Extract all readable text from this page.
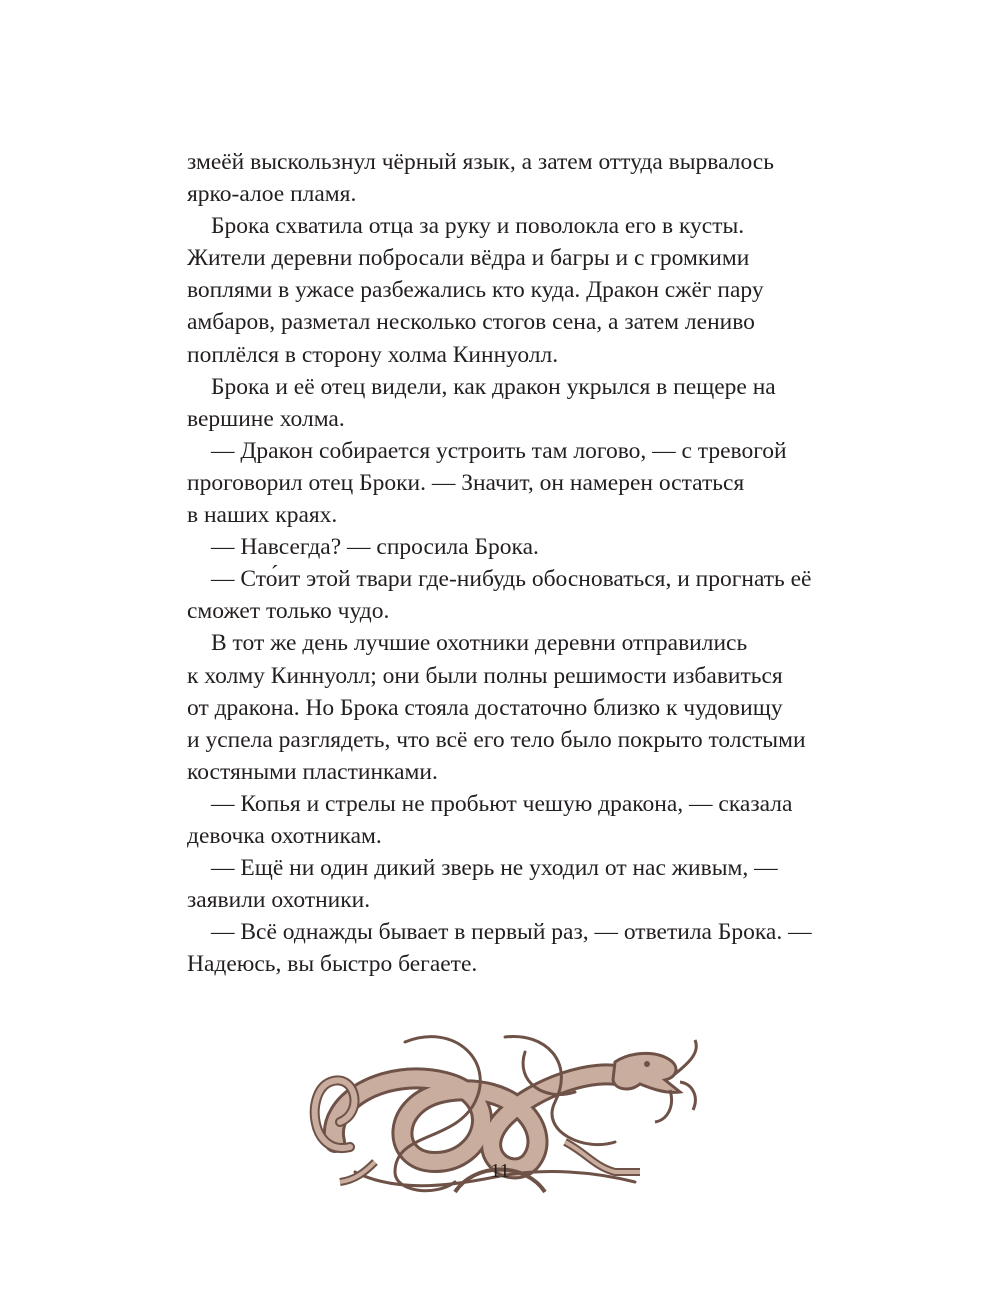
змеёй выскользнул чёрный язык, а затем оттуда вырвалось
ярко-алое пламя.
Брока схватила отца за руку и поволокла его в кусты.
Жители деревни побросали вёдра и багры и с громкими
воплями в ужасе разбежались кто куда. Дракон сжёг пару
амбаров, разметал несколько стогов сена, а затем лениво
поплёлся в сторону холма Киннуолл.
Брока и её отец видели, как дракон укрылся в пещере на
вершине холма.
— Дракон собирается устроить там логово, — с тревогой
проговорил отец Броки. — Значит, он намерен остаться
в наших краях.
— Навсегда? — спросила Брока.
— Сто́ит этой твари где-нибудь обосноваться, и прогнать её
сможет только чудо.
В тот же день лучшие охотники деревни отправились
к холму Киннуолл; они были полны решимости избавиться
от дракона. Но Брока стояла достаточно близко к чудовищу
и успела разглядеть, что всё его тело было покрыто толстыми
костяными пластинками.
— Копья и стрелы не пробьют чешую дракона, — сказала
девочка охотникам.
— Ещё ни один дикий зверь не уходил от нас живым, —
заявили охотники.
— Всё однажды бывает в первый раз, — ответила Брока. —
Надеюсь, вы быстро бегаете.
11
